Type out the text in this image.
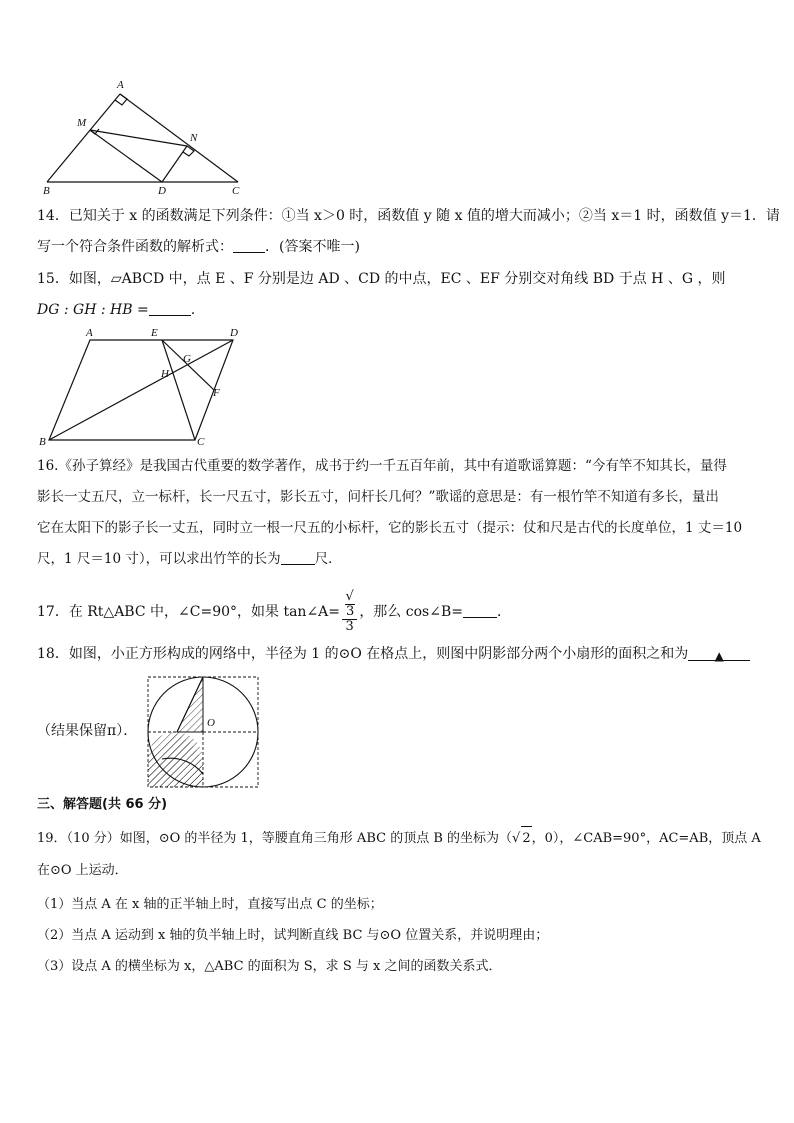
A
M
N
B	D	C
14．已知关于 x 的函数满足下列条件：①当 x＞0 时，函数值 y 随 x 值的增大而减小；②当 x＝1 时，函数值 y＝1．请
写一个符合条件函数的解析式： ．(答案不唯一)
15．如图，▱ABCD 中，点 E 、F 分别是边 AD 、CD 的中点，EC 、EF 分别交对角线 BD 于点 H 、G ，则
DG : GH : HB =	.
A	E	D
G
H
F
B	C
16.《孙子算经》是我国古代重要的数学著作，成书于约一千五百年前，其中有道歌谣算题：“今有竿不知其长，量得
影长一丈五尺，立一标杆，长一尺五寸，影长五寸，问杆长几何？”歌谣的意思是：有一根竹竿不知道有多长，量出
它在太阳下的影子长一丈五，同时立一根一尺五的小标杆，它的影长五寸（提示：仗和尺是古代的长度单位，1 丈＝10
尺，1 尺＝10 寸），可以求出竹竿的长为	尺．
17．在 Rt△ABC 中，∠C=90°，如果 tan∠A= √
3
3 ，那么 cos∠B= ．
18．如图，小正方形构成的网络中，半径为 1 的⊙O 在格点上，则图中阴影部分两个小扇形的面积之和为 ▲
（结果保留π）．	O
三、解答题(共 66 分)
19．（10 分）如图，⊙O 的半径为 1，等腰直角三角形 ABC 的顶点 B 的坐标为（√ 2，0），∠CAB=90°，AC=AB，顶点 A
在⊙O 上运动．
（1）当点 A 在 x 轴的正半轴上时，直接写出点 C 的坐标；
（2）当点 A 运动到 x 轴的负半轴上时，试判断直线 BC 与⊙O 位置关系，并说明理由；
（3）设点 A 的横坐标为 x，△ABC 的面积为 S，求 S 与 x 之间的函数关系式．
